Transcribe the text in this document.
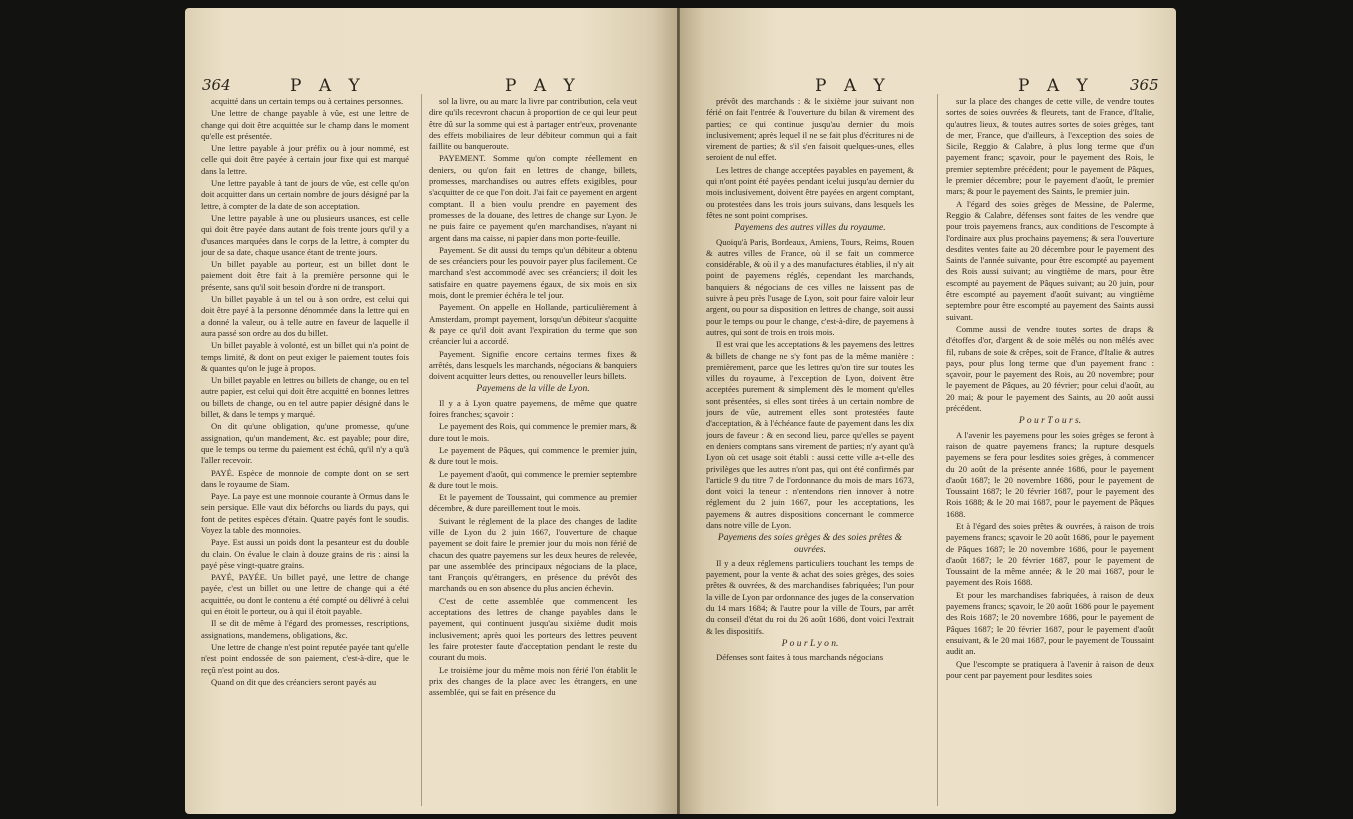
364	P A Y	P A Y

acquitté dans un certain temps ou à certaines personnes.

Une lettre de change payable à vûe, est une lettre de change qui doit être acquittée sur le champ dans le moment qu'elle est présentée.

Une lettre payable à jour préfix ou à jour nommé, est celle qui doit être payée à certain jour fixe qui est marqué dans la lettre.

Une lettre payable à tant de jours de vûe, est celle qu'on doit acquitter dans un certain nombre de jours désigné par la lettre, à compter de la date de son acceptation.

Une lettre payable à une ou plusieurs usances, est celle qui doit être payée dans autant de fois trente jours qu'il y a d'usances marquées dans le corps de la lettre, à compter du jour de sa date, chaque usance étant de trente jours.

Un billet payable au porteur, est un billet dont le paiement doit être fait à la première personne qui le présente, sans qu'il soit besoin d'ordre ni de transport.

Un billet payable à un tel ou à son ordre, est celui qui doit être payé à la personne dénommée dans la lettre qui en a donné la valeur, ou à telle autre en faveur de laquelle il aura passé son ordre au dos du billet.

Un billet payable à volonté, est un billet qui n'a point de temps limité, & dont on peut exiger le paiement toutes fois & quantes qu'on le juge à propos.

Un billet payable en lettres ou billets de change, ou en tel autre papier, est celui qui doit être acquitté en bonnes lettres ou billets de change, ou en tel autre papier désigné dans le billet, & dans le temps y marqué.

On dit qu'une obligation, qu'une promesse, qu'une assignation, qu'un mandement, &c. est payable; pour dire, que le temps ou terme du paiement est échû, qu'il n'y a qu'à l'aller recevoir.

PAYÉ. Espèce de monnoie de compte dont on se sert dans le royaume de Siam.

Paye. La paye est une monnoie courante à Ormus dans le sein persique. Elle vaut dix béforchs ou liards du pays, qui font de petites espèces d'étain. Quatre payés font le soudis. Voyez la table des monnoies.

Paye. Est aussi un poids dont la pesanteur est du double du clain. On évalue le clain à douze grains de ris : ainsi la payé pèse vingt-quatre grains.

PAYÉ, PAYÉE. Un billet payé, une lettre de change payée, c'est un billet ou une lettre de change qui a été acquittée, ou dont le contenu a été compté ou délivré à celui qui en étoit le porteur, ou à qui il étoit payable.

Il se dit de même à l'égard des promesses, rescriptions, assignations, mandemens, obligations, &c.

Une lettre de change n'est point reputée payée tant qu'elle n'est point endossée de son paiement, c'est-à-dire, que le reçû n'est point au dos.

Quand on dit que des créanciers seront payés au

sol la livre, ou au marc la livre par contribution, cela veut dire qu'ils recevront chacun à proportion de ce qui leur peut être dû sur la somme qui est à partager entr'eux, provenante des effets mobiliaires de leur débiteur commun qui a fait faillite ou banqueroute.

PAYEMENT. Somme qu'on compte réellement en deniers, ou qu'on fait en lettres de change, billets, promesses, marchandises ou autres effets exigibles, pour s'acquitter de ce que l'on doit. J'ai fait ce payement en argent comptant. Il a bien voulu prendre en payement des promesses de la douane, des lettres de change sur Lyon. Je ne puis faire ce payement qu'en marchandises, n'ayant ni argent dans ma caisse, ni papier dans mon porte-feuille.

Payement. Se dit aussi du temps qu'un débiteur a obtenu de ses créanciers pour les pouvoir payer plus facilement. Ce marchand s'est accommodé avec ses créanciers; il doit les satisfaire en quatre payemens égaux, de six mois en six mois, dont le premier échéra le tel jour.

Payement. On appelle en Hollande, particulièrement à Amsterdam, prompt payement, lorsqu'un débiteur s'acquitte & paye ce qu'il doit avant l'expiration du terme que son créancier lui a accordé.

Payement. Signifie encore certains termes fixes & arrêtés, dans lesquels les marchands, négocians & banquiers doivent acquitter leurs dettes, ou renouveller leurs billets.

Payemens de la ville de Lyon.

Il y a à Lyon quatre payemens, de même que quatre foires franches; sçavoir :

Le payement des Rois, qui commence le premier mars, & dure tout le mois.

Le payement de Pâques, qui commence le premier juin, & dure tout le mois.

Le payement d'août, qui commence le premier septembre & dure tout le mois.

Et le payement de Toussaint, qui commence au premier décembre, & dure pareillement tout le mois.

Suivant le réglement de la place des changes de ladite ville de Lyon du 2 juin 1667, l'ouverture de chaque payement se doit faire le premier jour du mois non férié de chacun des quatre payemens sur les deux heures de relevée, par une assemblée des principaux négocians de la place, tant François qu'étrangers, en présence du prévôt des marchands ou en son absence du plus ancien échevin.

C'est de cette assemblée que commencent les acceptations des lettres de change payables dans le payement, qui continuent jusqu'au sixième dudit mois inclusivement; après quoi les porteurs des lettres peuvent les faire protester faute d'acceptation pendant le reste du courant du mois.

Le troisième jour du même mois non férié l'on établit le prix des changes de la place avec les étrangers, en une assemblée, qui se fait en présence du

P A Y	P A Y 365

prévôt des marchands : & le sixième jour suivant non férié on fait l'entrée & l'ouverture du bilan & virement des parties; ce qui continue jusqu'au dernier du mois inclusivement; après lequel il ne se fait plus d'écritures ni de virement de parties; & s'il s'en faisoit quelques-unes, elles seroient de nul effet.

Les lettres de change acceptées payables en payement, & qui n'ont point été payées pendant icelui jusqu'au dernier du mois inclusivement, doivent être payées en argent comptant, ou protestées dans les trois jours suivans, dans lesquels les fêtes ne sont point comprises.

Payemens des autres villes du royaume.

Quoiqu'à Paris, Bordeaux, Amiens, Tours, Reims, Rouen & autres villes de France, où il se fait un commerce considérable, & où il y a des manufactures établies, il n'y ait point de payemens réglés, cependant les marchands, banquiers & négocians de ces villes ne laissent pas de suivre à peu près l'usage de Lyon, soit pour faire valoir leur argent, ou pour sa disposition en lettres de change, soit aussi pour le temps ou pour le change, c'est-à-dire, de payemens à autres, qui sont de trois en trois mois.

Il est vrai que les acceptations & les payemens des lettres & billets de change ne s'y font pas de la même manière : premièrement, parce que les lettres qu'on tire sur toutes les villes du royaume, à l'exception de Lyon, doivent être acceptées purement & simplement dès le moment qu'elles sont présentées, si elles sont tirées à un certain nombre de jours de vûe, autrement elles sont protestées faute d'acceptation, & à l'échéance faute de payement dans les dix jours de faveur : & en second lieu, parce qu'elles se payent en deniers comptans sans virement de parties; n'y ayant qu'à Lyon où cet usage soit établi : aussi cette ville a-t-elle des privilèges que les autres n'ont pas, qui ont été confirmés par l'article 9 du titre 7 de l'ordonnance du mois de mars 1673, dont voici la teneur : n'entendons rien innover à notre réglement du 2 juin 1667, pour les acceptations, les payemens & autres dispositions concernant le commerce dans notre ville de Lyon.

Payemens des soies grèges & des soies prêtes & ouvrées.

Il y a deux réglemens particuliers touchant les temps de payement, pour la vente & achat des soies grèges, des soies prêtes & ouvrées, & des marchandises fabriquées; l'un pour la ville de Lyon par ordonnance des juges de la conservation du 14 mars 1684; & l'autre pour la ville de Tours, par arrêt du conseil d'état du roi du 26 août 1686, dont voici l'extrait & les dispositifs.

P o u r L y o n.

Défenses sont faites à tous marchands négocians

sur la place des changes de cette ville, de vendre toutes sortes de soies ouvrées & fleurets, tant de France, d'Italie, qu'autres lieux, & toutes autres sortes de soies grèges, tant de mer, France, que d'ailleurs, à l'exception des soies de Sicile, Reggio & Calabre, à plus long terme que d'un payement franc; sçavoir, pour le payement des Rois, le premier septembre précédent; pour le payement de Pâques, le premier décembre; pour le payement d'août, le premier mars; & pour le payement des Saints, le premier juin.

A l'égard des soies grèges de Messine, de Palerme, Reggio & Calabre, défenses sont faites de les vendre que pour trois payemens francs, aux conditions de l'escompte à l'ordinaire aux plus prochains payemens; & sera l'ouverture desdites ventes faite au 20 décembre pour le payement des Saints de l'année suivante, pour être escompté au payement des Rois aussi suivant; au vingtième de mars, pour être escompté au payement de Pâques suivant; au 20 juin, pour être escompté au payement d'août suivant; au vingtième septembre pour être escompté au payement des Saints aussi suivant.

Comme aussi de vendre toutes sortes de draps & d'étoffes d'or, d'argent & de soie mêlés ou non mêlés avec fil, rubans de soie & crêpes, soit de France, d'Italie & autres pays, pour plus long terme que d'un payement franc : sçavoir, pour le payement des Rois, au 20 novembre; pour le payement de Pâques, au 20 février; pour celui d'août, au 20 mai; & pour le payement des Saints, au 20 août aussi précédent.

P o u r T o u r s.

A l'avenir les payemens pour les soies grèges se feront à raison de quatre payemens francs; la rupture desquels payemens se fera pour lesdites soies grèges, à commencer du 20 août de la présente année 1686, pour le payement d'août 1687; le 20 novembre 1686, pour le payement de Toussaint 1687; le 20 février 1687, pour le payement des Rois 1688; & le 20 mai 1687, pour le payement de Pâques 1688.

Et à l'égard des soies prêtes & ouvrées, à raison de trois payemens francs; sçavoir le 20 août 1686, pour le payement de Pâques 1687; le 20 novembre 1686, pour le payement d'août 1687; le 20 février 1687, pour le payement de Toussaint de la même année; & le 20 mai 1687, pour le payement des Rois 1688.

Et pour les marchandises fabriquées, à raison de deux payemens francs; sçavoir, le 20 août 1686 pour le payement des Rois 1687; le 20 novembre 1686, pour le payement de Pâques 1687; le 20 février 1687, pour le payement d'août ensuivant, & le 20 mai 1687, pour le payement de Toussaint audit an.

Que l'escompte se pratiquera à l'avenir à raison de deux pour cent par payement pour lesdites soies
